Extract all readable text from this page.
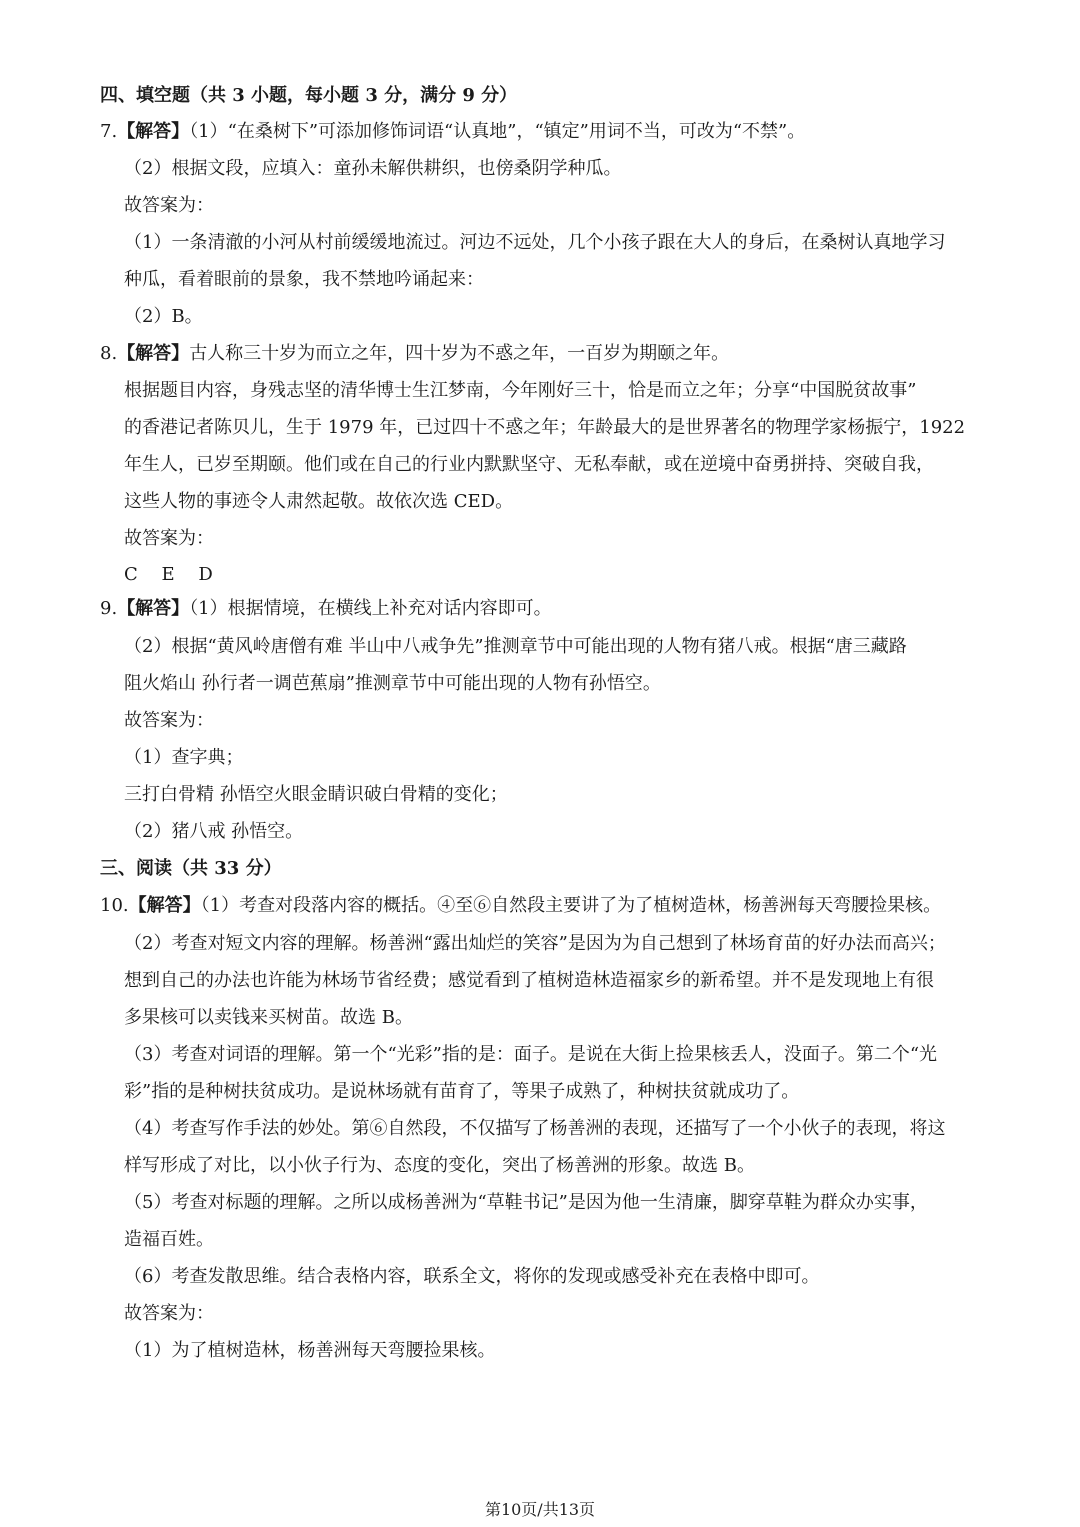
四、填空题（共 3 小题，每小题 3 分，满分 9 分）
7.【解答】（1）“在桑树下”可添加修饰词语“认真地”，“镇定”用词不当，可改为“不禁”。
（2）根据文段，应填入：童孙未解供耕织，也傍桑阴学种瓜。
故答案为：
（1）一条清澈的小河从村前缓缓地流过。河边不远处，几个小孩子跟在大人的身后，在桑树认真地学习
种瓜，看着眼前的景象，我不禁地吟诵起来：
（2）B。
8.【解答】古人称三十岁为而立之年，四十岁为不惑之年，一百岁为期颐之年。
根据题目内容，身残志坚的清华博士生江梦南，今年刚好三十，恰是而立之年；分享“中国脱贫故事”
的香港记者陈贝儿，生于 1979 年，已过四十不惑之年；年龄最大的是世界著名的物理学家杨振宁，1922
年生人，已岁至期颐。他们或在自己的行业内默默坚守、无私奉献，或在逆境中奋勇拼持、突破自我，
这些人物的事迹令人肃然起敬。故依次选 CED。
故答案为：
C　 E　 D
9.【解答】（1）根据情境，在横线上补充对话内容即可。
（2）根据“黄风岭唐僧有难 半山中八戒争先”推测章节中可能出现的人物有猪八戒。根据“唐三藏路
阻火焰山 孙行者一调芭蕉扇”推测章节中可能出现的人物有孙悟空。
故答案为：
（1）查字典；
三打白骨精 孙悟空火眼金睛识破白骨精的变化；
（2）猪八戒 孙悟空。
三、阅读（共 33 分）
10.【解答】（1）考查对段落内容的概括。④至⑥自然段主要讲了为了植树造林，杨善洲每天弯腰捡果核。
（2）考查对短文内容的理解。杨善洲“露出灿烂的笑容”是因为为自己想到了林场育苗的好办法而高兴；
想到自己的办法也许能为林场节省经费；感觉看到了植树造林造福家乡的新希望。并不是发现地上有很
多果核可以卖钱来买树苗。故选 B。
（3）考查对词语的理解。第一个“光彩”指的是：面子。是说在大街上捡果核丢人，没面子。第二个“光
彩”指的是种树扶贫成功。是说林场就有苗育了，等果子成熟了，种树扶贫就成功了。
（4）考查写作手法的妙处。第⑥自然段，不仅描写了杨善洲的表现，还描写了一个小伙子的表现，将这
样写形成了对比，以小伙子行为、态度的变化，突出了杨善洲的形象。故选 B。
（5）考查对标题的理解。之所以成杨善洲为“草鞋书记”是因为他一生清廉，脚穿草鞋为群众办实事，
造福百姓。
（6）考查发散思维。结合表格内容，联系全文，将你的发现或感受补充在表格中即可。
故答案为：
（1）为了植树造林，杨善洲每天弯腰捡果核。
第10页/共13页
